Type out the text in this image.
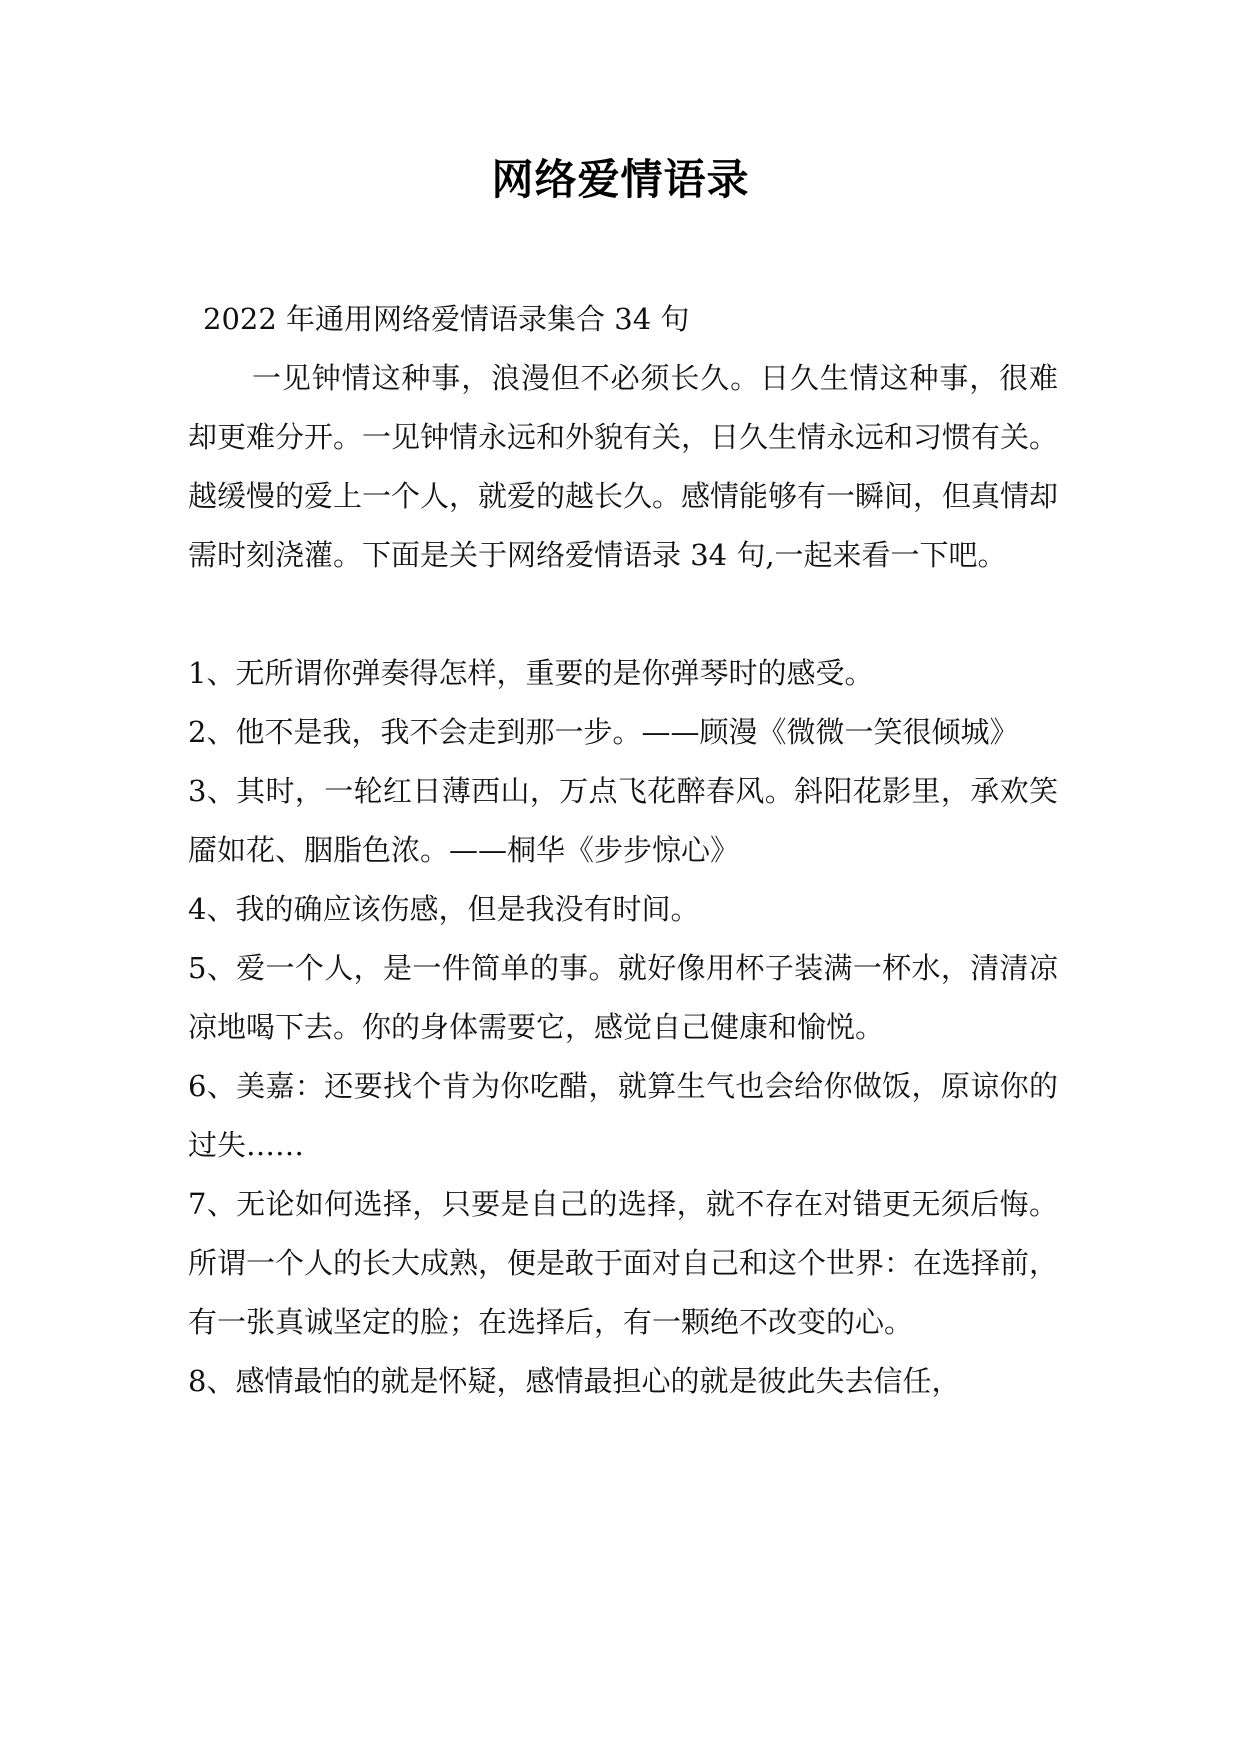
网络爱情语录

2022 年通用网络爱情语录集合 34 句

一见钟情这种事，浪漫但不必须长久。日久生情这种事，很难却更难分开。一见钟情永远和外貌有关，日久生情永远和习惯有关。越缓慢的爱上一个人，就爱的越长久。感情能够有一瞬间，但真情却需时刻浇灌。下面是关于网络爱情语录 34 句,一起来看一下吧。

1、无所谓你弹奏得怎样，重要的是你弹琴时的感受。

2、他不是我，我不会走到那一步。——顾漫《微微一笑很倾城》

3、其时，一轮红日薄西山，万点飞花醉春风。斜阳花影里，承欢笑靥如花、胭脂色浓。——桐华《步步惊心》

4、我的确应该伤感，但是我没有时间。

5、爱一个人，是一件简单的事。就好像用杯子装满一杯水，清清凉凉地喝下去。你的身体需要它，感觉自己健康和愉悦。

6、美嘉：还要找个肯为你吃醋，就算生气也会给你做饭，原谅你的过失……

7、无论如何选择，只要是自己的选择，就不存在对错更无须后悔。所谓一个人的长大成熟，便是敢于面对自己和这个世界：在选择前，有一张真诚坚定的脸；在选择后，有一颗绝不改变的心。

8、感情最怕的就是怀疑，感情最担心的就是彼此失去信任，
